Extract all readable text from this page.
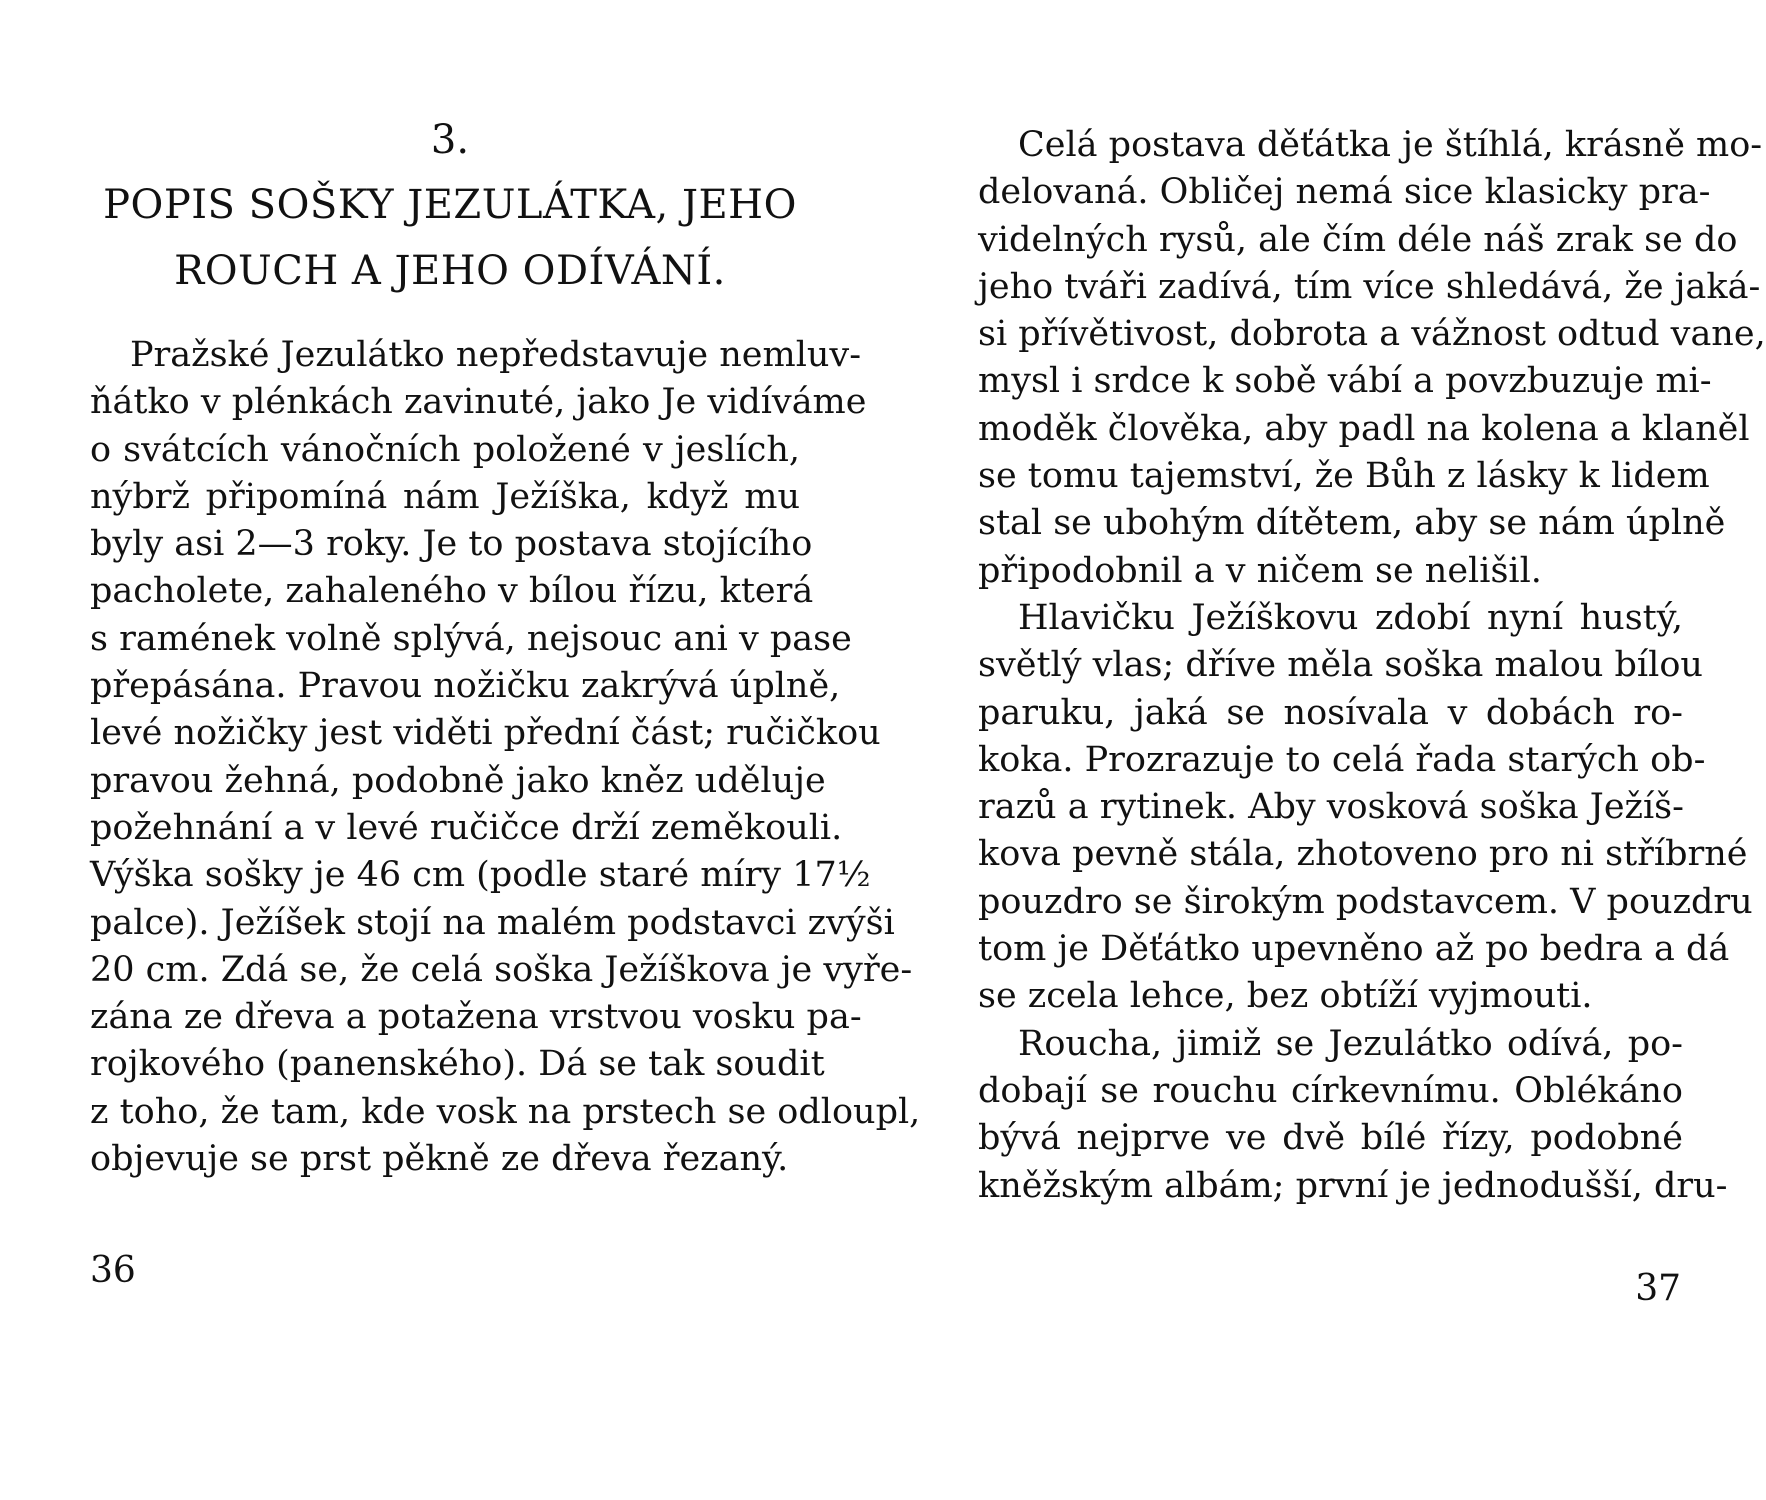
3.
POPIS SOŠKY JEZULÁTKA, JEHO
ROUCH A JEHO ODÍVÁNÍ.
Pražské Jezulátko nepředstavuje nemluv-
ňátko v plénkách zavinuté, jako Je vidíváme
o svátcích vánočních položené v jeslích,
nýbrž připomíná nám Ježíška, když mu
byly asi 2—3 roky. Je to postava stojícího
pacholete, zahaleného v bílou řízu, která
s ramének volně splývá, nejsouc ani v pase
přepásána. Pravou nožičku zakrývá úplně,
levé nožičky jest viděti přední část; ručičkou
pravou žehná, podobně jako kněz uděluje
požehnání a v levé ručičce drží zeměkouli.
Výška sošky je 46 cm (podle staré míry 17½
palce). Ježíšek stojí na malém podstavci zvýši
20 cm. Zdá se, že celá soška Ježíškova je vyře-
zána ze dřeva a potažena vrstvou vosku pa-
rojkového (panenského). Dá se tak soudit
z toho, že tam, kde vosk na prstech se odloupl,
objevuje se prst pěkně ze dřeva řezaný.
36
Celá postava děťátka je štíhlá, krásně mo-
delovaná. Obličej nemá sice klasicky pra-
videlných rysů, ale čím déle náš zrak se do
jeho tváři zadívá, tím více shledává, že jaká-
si přívětivost, dobrota a vážnost odtud vane,
mysl i srdce k sobě vábí a povzbuzuje mi-
moděk člověka, aby padl na kolena a klaněl
se tomu tajemství, že Bůh z lásky k lidem
stal se ubohým dítětem, aby se nám úplně
připodobnil a v ničem se nelišil.
Hlavičku Ježíškovu zdobí nyní hustý,
světlý vlas; dříve měla soška malou bílou
paruku, jaká se nosívala v dobách ro-
koka. Prozrazuje to celá řada starých ob-
razů a rytinek. Aby vosková soška Ježíš-
kova pevně stála, zhotoveno pro ni stříbrné
pouzdro se širokým podstavcem. V pouzdru
tom je Děťátko upevněno až po bedra a dá
se zcela lehce, bez obtíží vyjmouti.
Roucha, jimiž se Jezulátko odívá, po-
dobají se rouchu církevnímu. Oblékáno
bývá nejprve ve dvě bílé řízy, podobné
kněžským albám; první je jednodušší, dru-
37
